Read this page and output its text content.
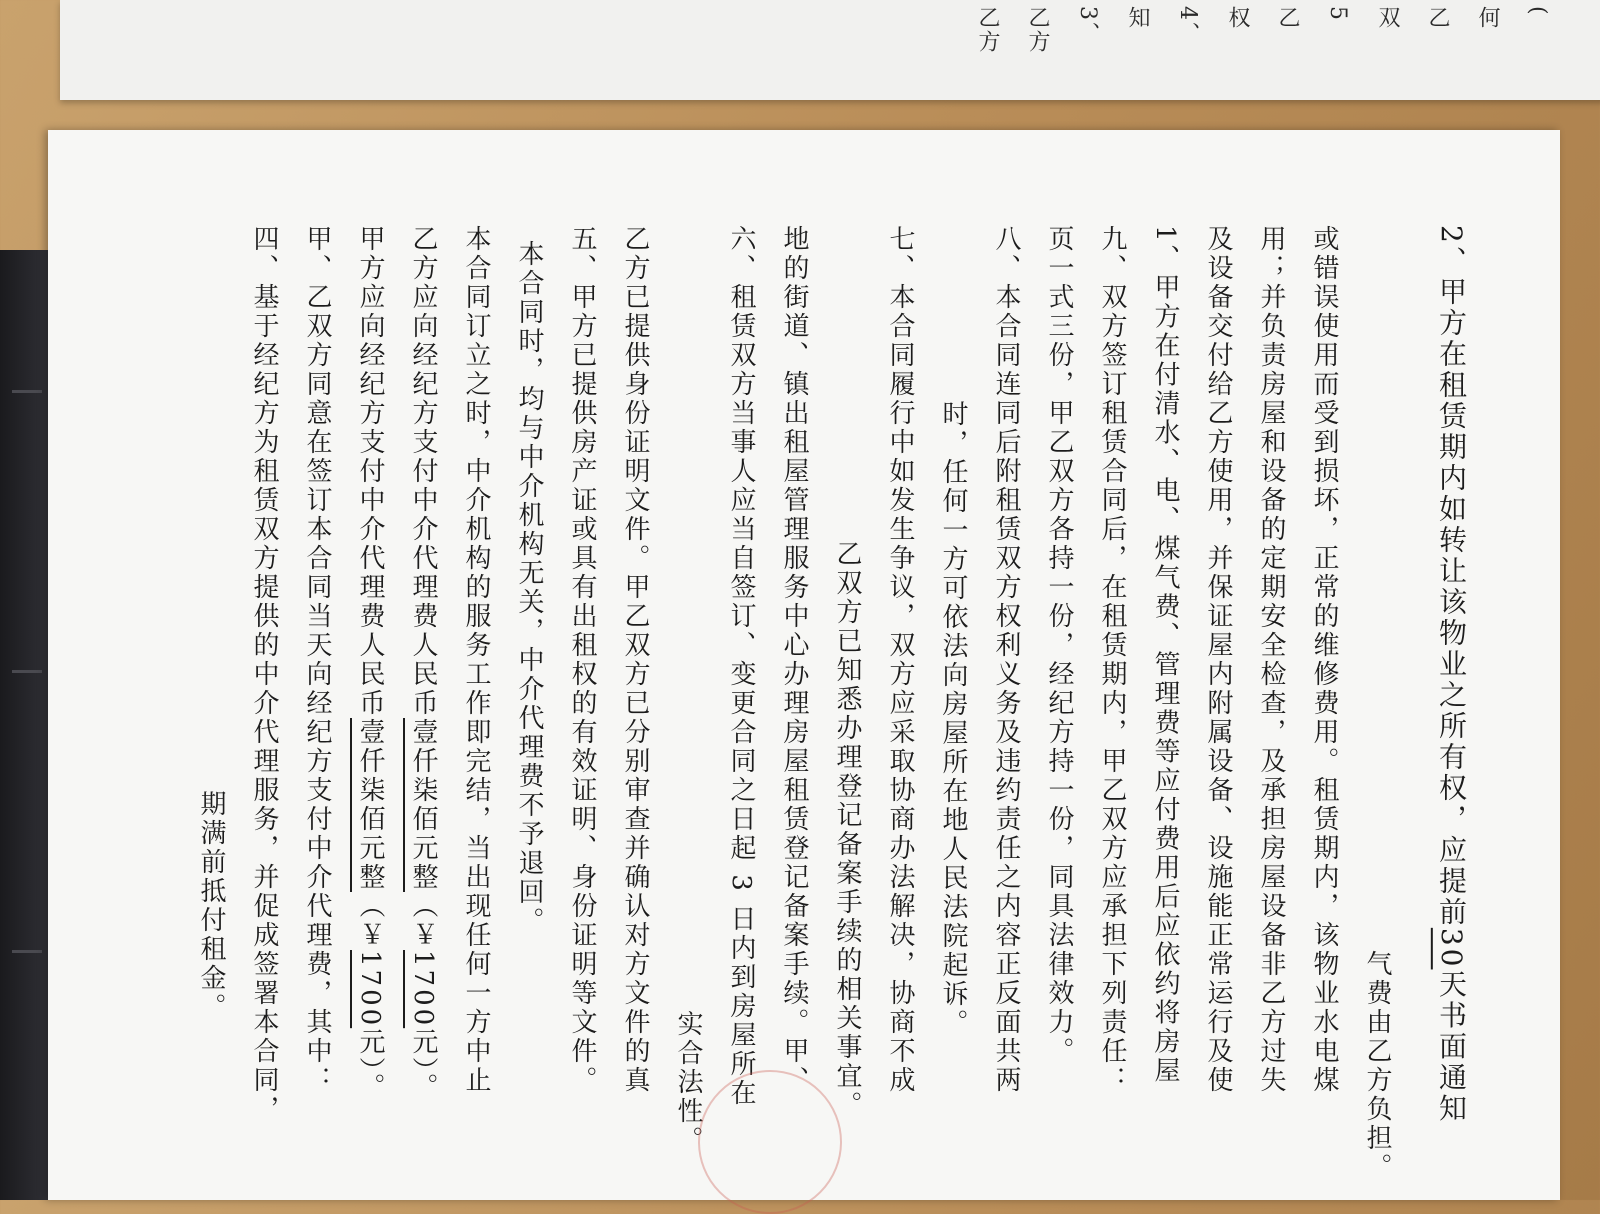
乙方 乙方 3、 知 4、 权 乙 5 双 乙 何 (
期满前抵付租金。 四、基于经纪方为租赁双方提供的中介代理服务，并促成签署本合同， 甲、乙双方同意在签订本合同当天向经纪方支付中介代理费，其中： 甲方应向经纪方支付中介代理费人民币壹仟柒佰元整（￥1700元）。
乙方应向经纪方支付中介代理费人民币壹仟柒佰元整（￥1700元）。 本合同订立之时，中介机构的服务工作即完结，当出现任何一方中止 本合同时，均与中介机构无关，中介代理费不予退回。 五、甲方已提供房产证或具有出租权的有效证明、身份证明等文件。 乙方已提供身份证明文件。甲乙双方已分别审查并确认对方文件的真 实合法性。 六、租赁双方当事人应当自签订、变更合同之日起 3 日内到房屋所在 地的街道、镇出租屋管理服务中心办理房屋租赁登记备案手续。甲、 乙双方已知悉办理登记备案手续的相关事宜。 七、本合同履行中如发生争议，双方应采取协商办法解决，协商不成 时，任何一方可依法向房屋所在地人民法院起诉。 八、本合同连同后附租赁双方权利义务及违约责任之内容正反面共两 页一式三份，甲乙双方各持一份，经纪方持一份，同具法律效力。 九、双方签订租赁合同后，在租赁期内，甲乙双方应承担下列责任： 1、甲方在付清水、电、煤气费、管理费等应付费用后应依约将房屋 及设备交付给乙方使用，并保证屋内附属设备、设施能正常运行及使 用；并负责房屋和设备的定期安全检查，及承担房屋设备非乙方过失 或错误使用而受到损坏，正常的维修费用。租赁期内，该物业水电煤 气费由乙方负担。
2、甲方在租赁期内如转让该物业之所有权，应提前30天书面通知
